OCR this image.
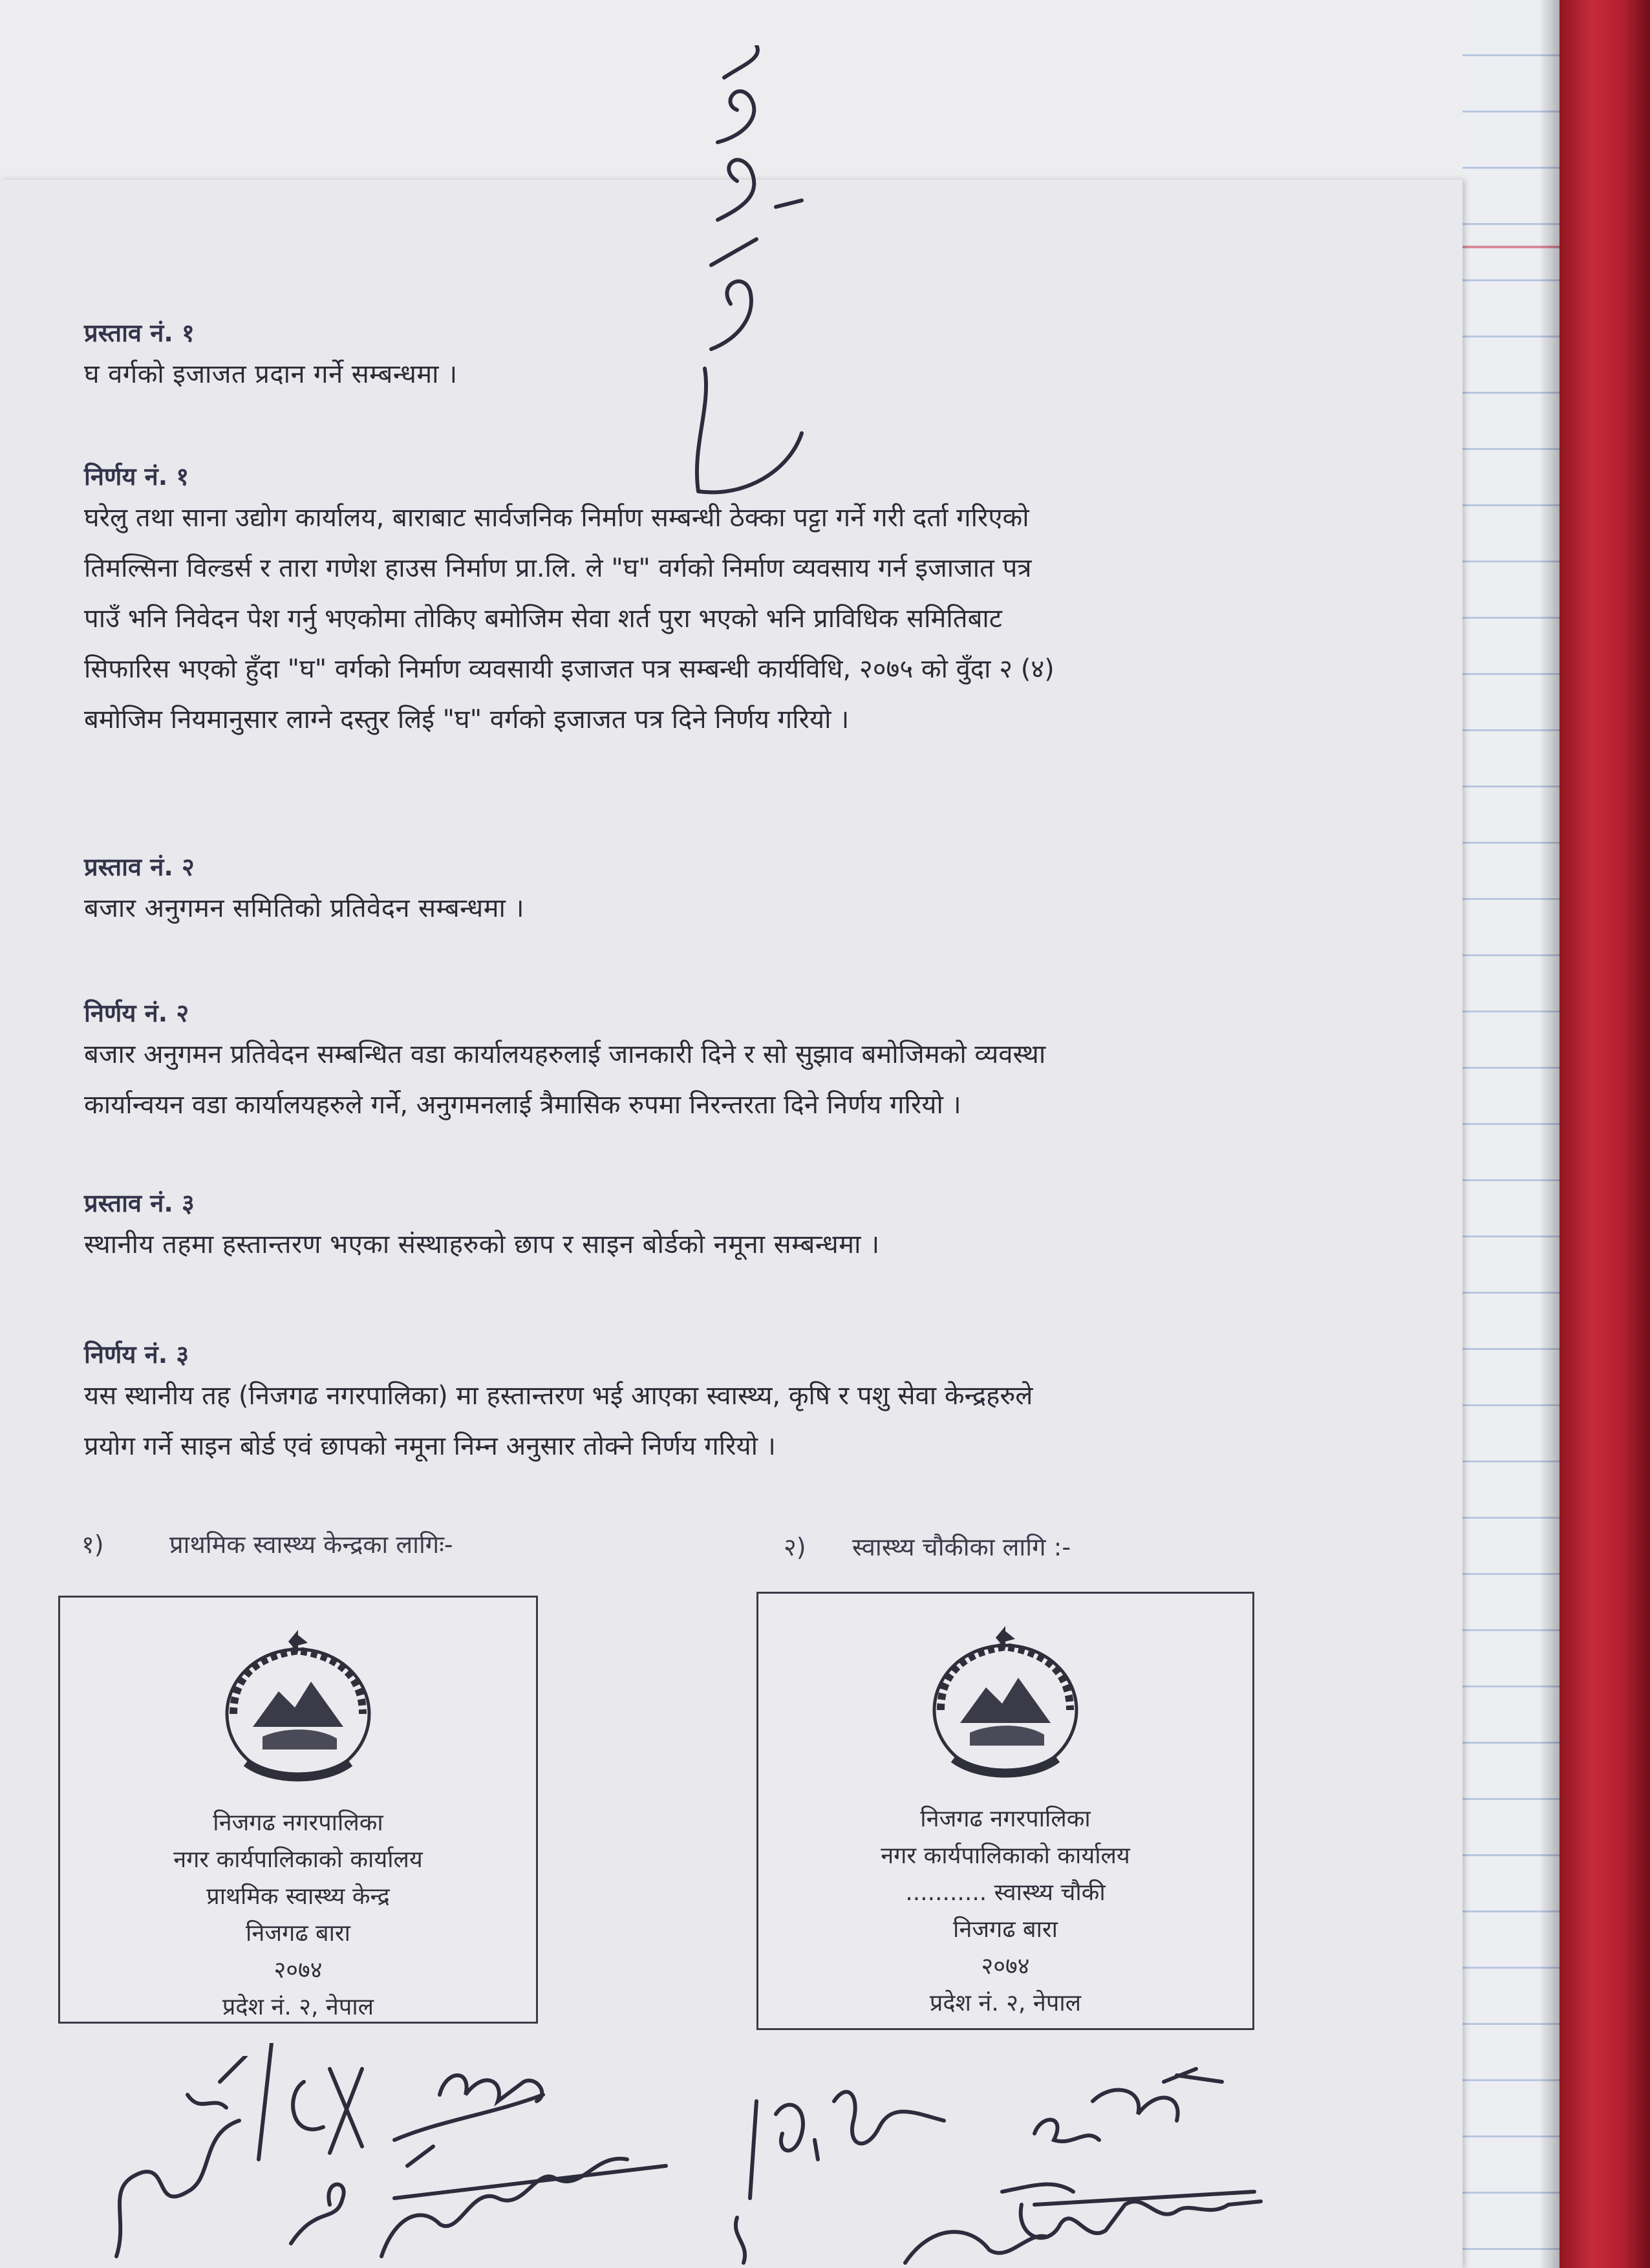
प्रस्ताव नं. १

घ वर्गको इजाजत प्रदान गर्ने सम्बन्धमा ।

निर्णय नं. १

घरेलु तथा साना उद्योग कार्यालय, बाराबाट सार्वजनिक निर्माण सम्बन्धी ठेक्का पट्टा गर्ने गरी दर्ता गरिएको

तिमल्सिना विल्डर्स र तारा गणेश हाउस निर्माण प्रा.लि. ले "घ" वर्गको निर्माण व्यवसाय गर्न इजाजात पत्र

पाउँ भनि निवेदन पेश गर्नु भएकोमा तोकिए बमोजिम सेवा शर्त पुरा भएको भनि प्राविधिक समितिबाट

सिफारिस भएको हुँदा "घ" वर्गको निर्माण व्यवसायी इजाजत पत्र सम्बन्धी कार्यविधि, २०७५ को वुँदा २ (४)

बमोजिम नियमानुसार लाग्ने दस्तुर लिई "घ" वर्गको इजाजत पत्र दिने निर्णय गरियो ।

प्रस्ताव नं. २

बजार अनुगमन समितिको प्रतिवेदन सम्बन्धमा ।

निर्णय नं. २

बजार अनुगमन प्रतिवेदन सम्बन्धित वडा कार्यालयहरुलाई जानकारी दिने र सो सुझाव बमोजिमको व्यवस्था

कार्यान्वयन वडा कार्यालयहरुले गर्ने, अनुगमनलाई त्रैमासिक रुपमा निरन्तरता दिने निर्णय गरियो ।

प्रस्ताव नं. ३

स्थानीय तहमा हस्तान्तरण भएका संस्थाहरुको छाप र साइन बोर्डको नमूना सम्बन्धमा ।

निर्णय नं. ३

यस स्थानीय तह (निजगढ नगरपालिका) मा हस्तान्तरण भई आएका स्वास्थ्य, कृषि र पशु सेवा केन्द्रहरुले

प्रयोग गर्ने साइन बोर्ड एवं छापको नमूना निम्न अनुसार तोक्ने निर्णय गरियो ।

१)	प्राथमिक स्वास्थ्य केन्द्रका लागिः-	२) स्वास्थ्य चौकीका लागि :-

निजगढ नगरपालिका

नगर कार्यपालिकाको कार्यालय

प्राथमिक स्वास्थ्य केन्द्र

निजगढ बारा

२०७४

प्रदेश नं. २, नेपाल

निजगढ नगरपालिका

नगर कार्यपालिकाको कार्यालय

........... स्वास्थ्य चौकी

निजगढ बारा

२०७४

प्रदेश नं. २, नेपाल
